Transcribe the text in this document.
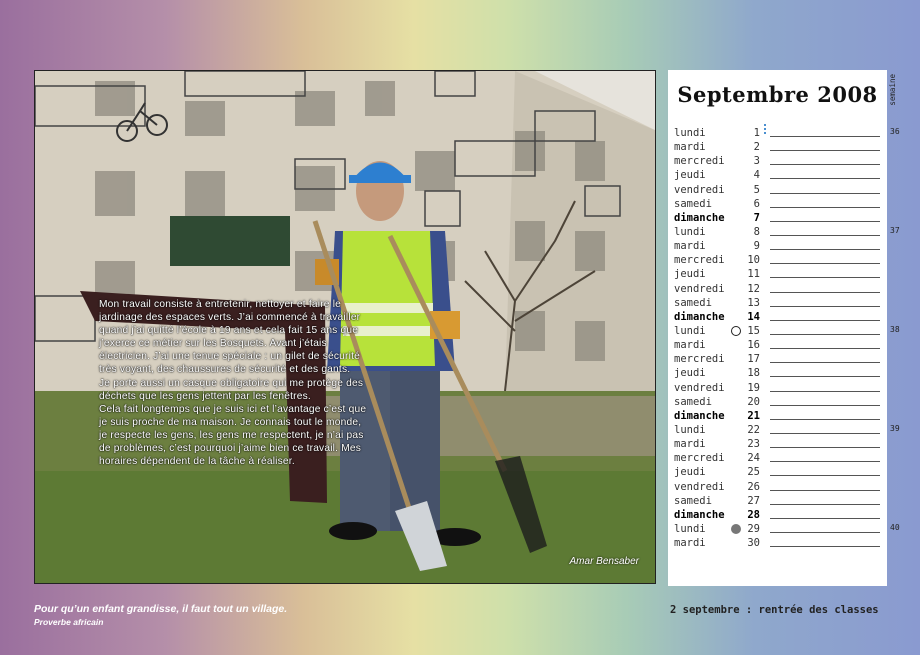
Mon travail consiste à entretenir, nettoyer et faire le jardinage des espaces verts. J’ai commencé à travailler quand j’ai quitté l’école à 19 ans et cela fait 15 ans que j’exerce ce métier sur les Bosquets. Avant j’étais électricien. J’ai une tenue spéciale : un gilet de sécurité très voyant, des chaussures de sécurité et des gants.

Je porte aussi un casque obligatoire qui me protège des déchets que les gens jettent par les fenêtres.

Cela fait longtemps que je suis ici et l’avantage c’est que je suis proche de ma maison. Je connais tout le monde, je respecte les gens, les gens me respectent, je n’ai pas de problèmes, c’est pourquoi j’aime bien ce travail. Mes horaires dépendent de la tâche à réaliser.

Amar Bensaber
Septembre 2008
lundi	1
mardi	2
mercredi	3
jeudi	4
vendredi	5
samedi	6
dimanche	7
lundi	8
mardi	9
mercredi	10
jeudi	11
vendredi	12
samedi	13
dimanche	14
lundi	15
mardi	16
mercredi	17
jeudi	18
vendredi	19
samedi	20
dimanche	21
lundi	22
mardi	23
mercredi	24
jeudi	25
vendredi	26
samedi	27
dimanche	28
lundi	29
mardi	30
semaine
36
37
38
39
40
Pour qu’un enfant grandisse, il faut tout un village.
Proverbe africain
2 septembre : rentrée des classes
